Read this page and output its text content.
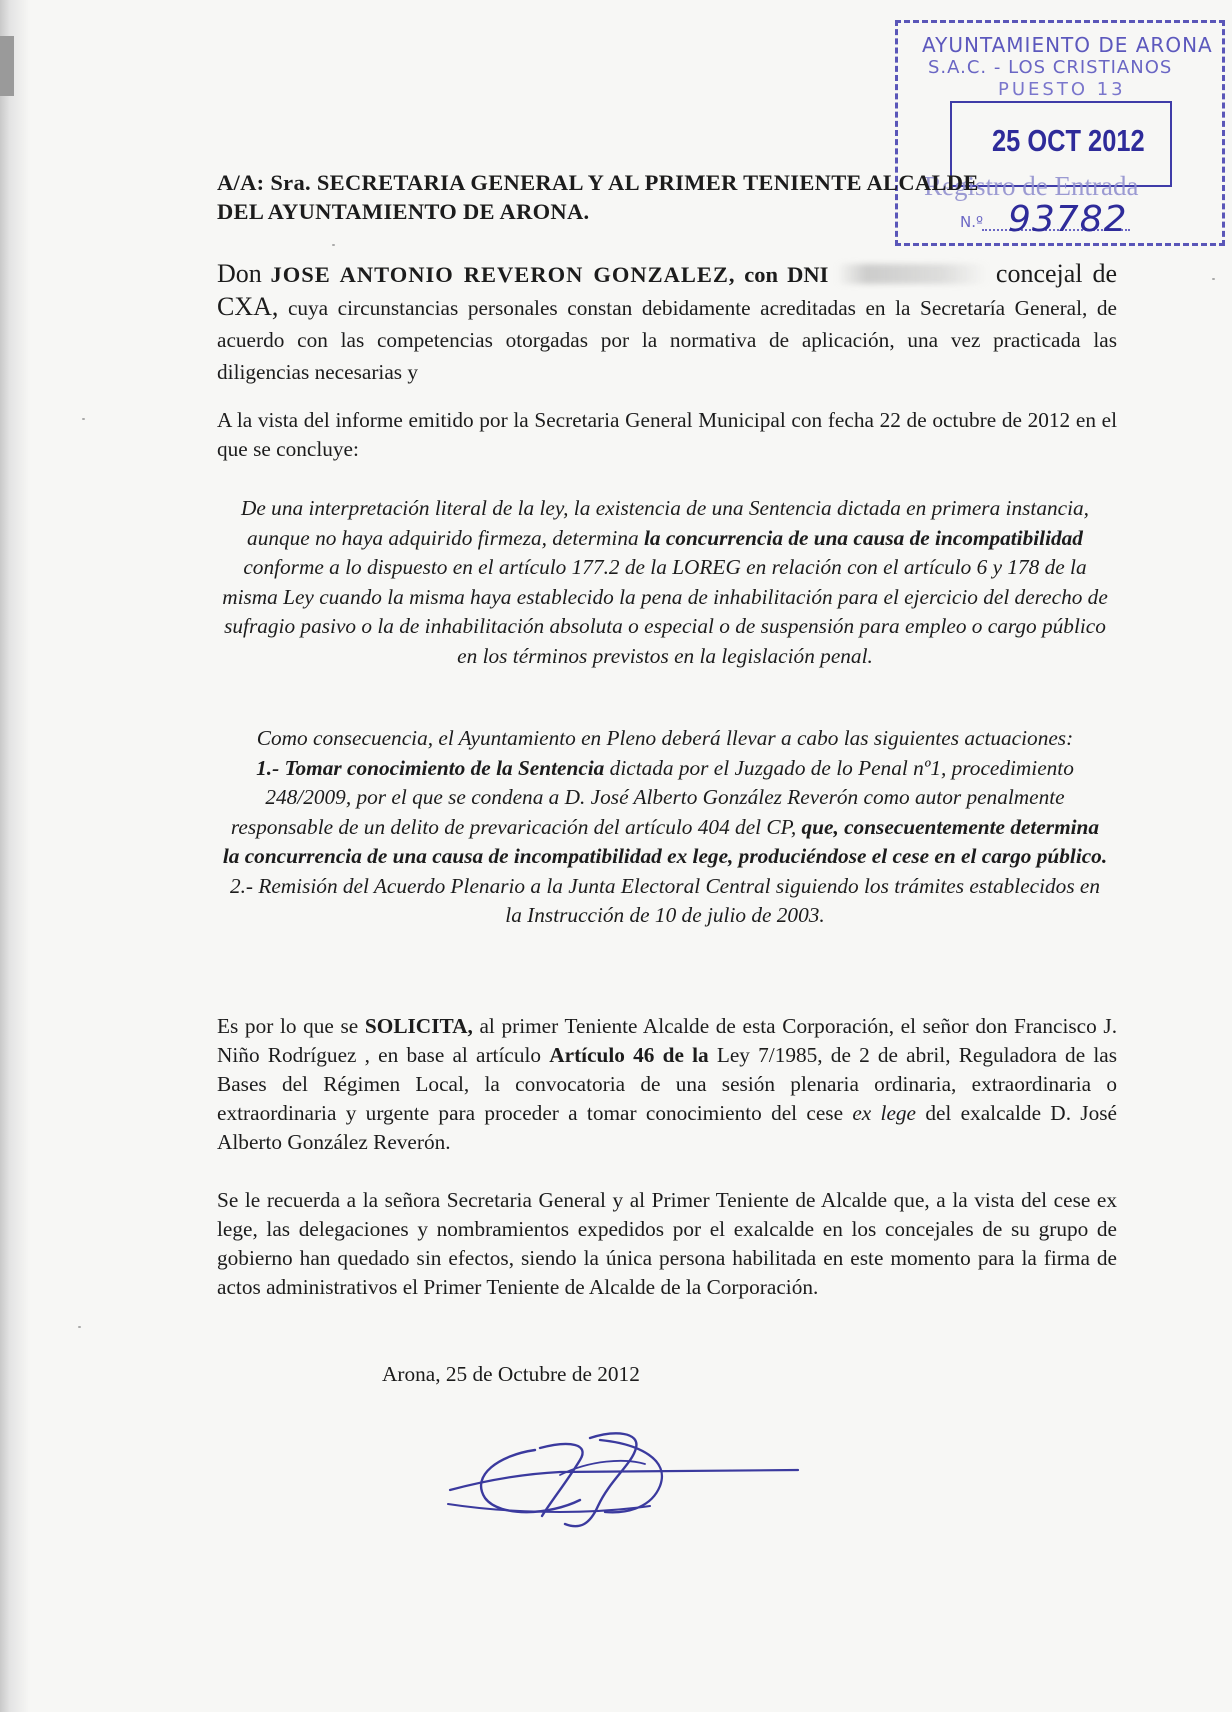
AYUNTAMIENTO DE ARONA
S.A.C. - LOS CRISTIANOS
PUESTO 13
25 OCT 2012
Registro de Entrada
N.º 93782
A/A: Sra. SECRETARIA GENERAL Y AL PRIMER TENIENTE ALCALDE
DEL AYUNTAMIENTO DE ARONA.
Don JOSE ANTONIO REVERON GONZALEZ, con DNI	concejal de CXA, cuya circunstancias personales constan debidamente acreditadas en la Secretaría General, de acuerdo con las competencias otorgadas por la normativa de aplicación, una vez practicada las diligencias necesarias y
A la vista del informe emitido por la Secretaria General Municipal con fecha 22 de octubre de 2012 en el que se concluye:
De una interpretación literal de la ley, la existencia de una Sentencia dictada en primera instancia, aunque no haya adquirido firmeza, determina la concurrencia de una causa de incompatibilidad conforme a lo dispuesto en el artículo 177.2 de la LOREG en relación con el artículo 6 y 178 de la misma Ley cuando la misma haya establecido la pena de inhabilitación para el ejercicio del derecho de sufragio pasivo o la de inhabilitación absoluta o especial o de suspensión para empleo o cargo público en los términos previstos en la legislación penal.
Como consecuencia, el Ayuntamiento en Pleno deberá llevar a cabo las siguientes actuaciones:
1.- Tomar conocimiento de la Sentencia dictada por el Juzgado de lo Penal nº1, procedimiento 248/2009, por el que se condena a D. José Alberto González Reverón como autor penalmente responsable de un delito de prevaricación del artículo 404 del CP, que, consecuentemente determina la concurrencia de una causa de incompatibilidad ex lege, produciéndose el cese en el cargo público.
2.- Remisión del Acuerdo Plenario a la Junta Electoral Central siguiendo los trámites establecidos en la Instrucción de 10 de julio de 2003.
Es por lo que se SOLICITA, al primer Teniente Alcalde de esta Corporación, el señor don Francisco J. Niño Rodríguez , en base al artículo Artículo 46 de la Ley 7/1985, de 2 de abril, Reguladora de las Bases del Régimen Local, la convocatoria de una sesión plenaria ordinaria, extraordinaria o extraordinaria y urgente para proceder a tomar conocimiento del cese ex lege del exalcalde D. José Alberto González Reverón.
Se le recuerda a la señora Secretaria General y al Primer Teniente de Alcalde que, a la vista del cese ex lege, las delegaciones y nombramientos expedidos por el exalcalde en los concejales de su grupo de gobierno han quedado sin efectos, siendo la única persona habilitada en este momento para la firma de actos administrativos el Primer Teniente de Alcalde de la Corporación.
Arona, 25 de Octubre de 2012
